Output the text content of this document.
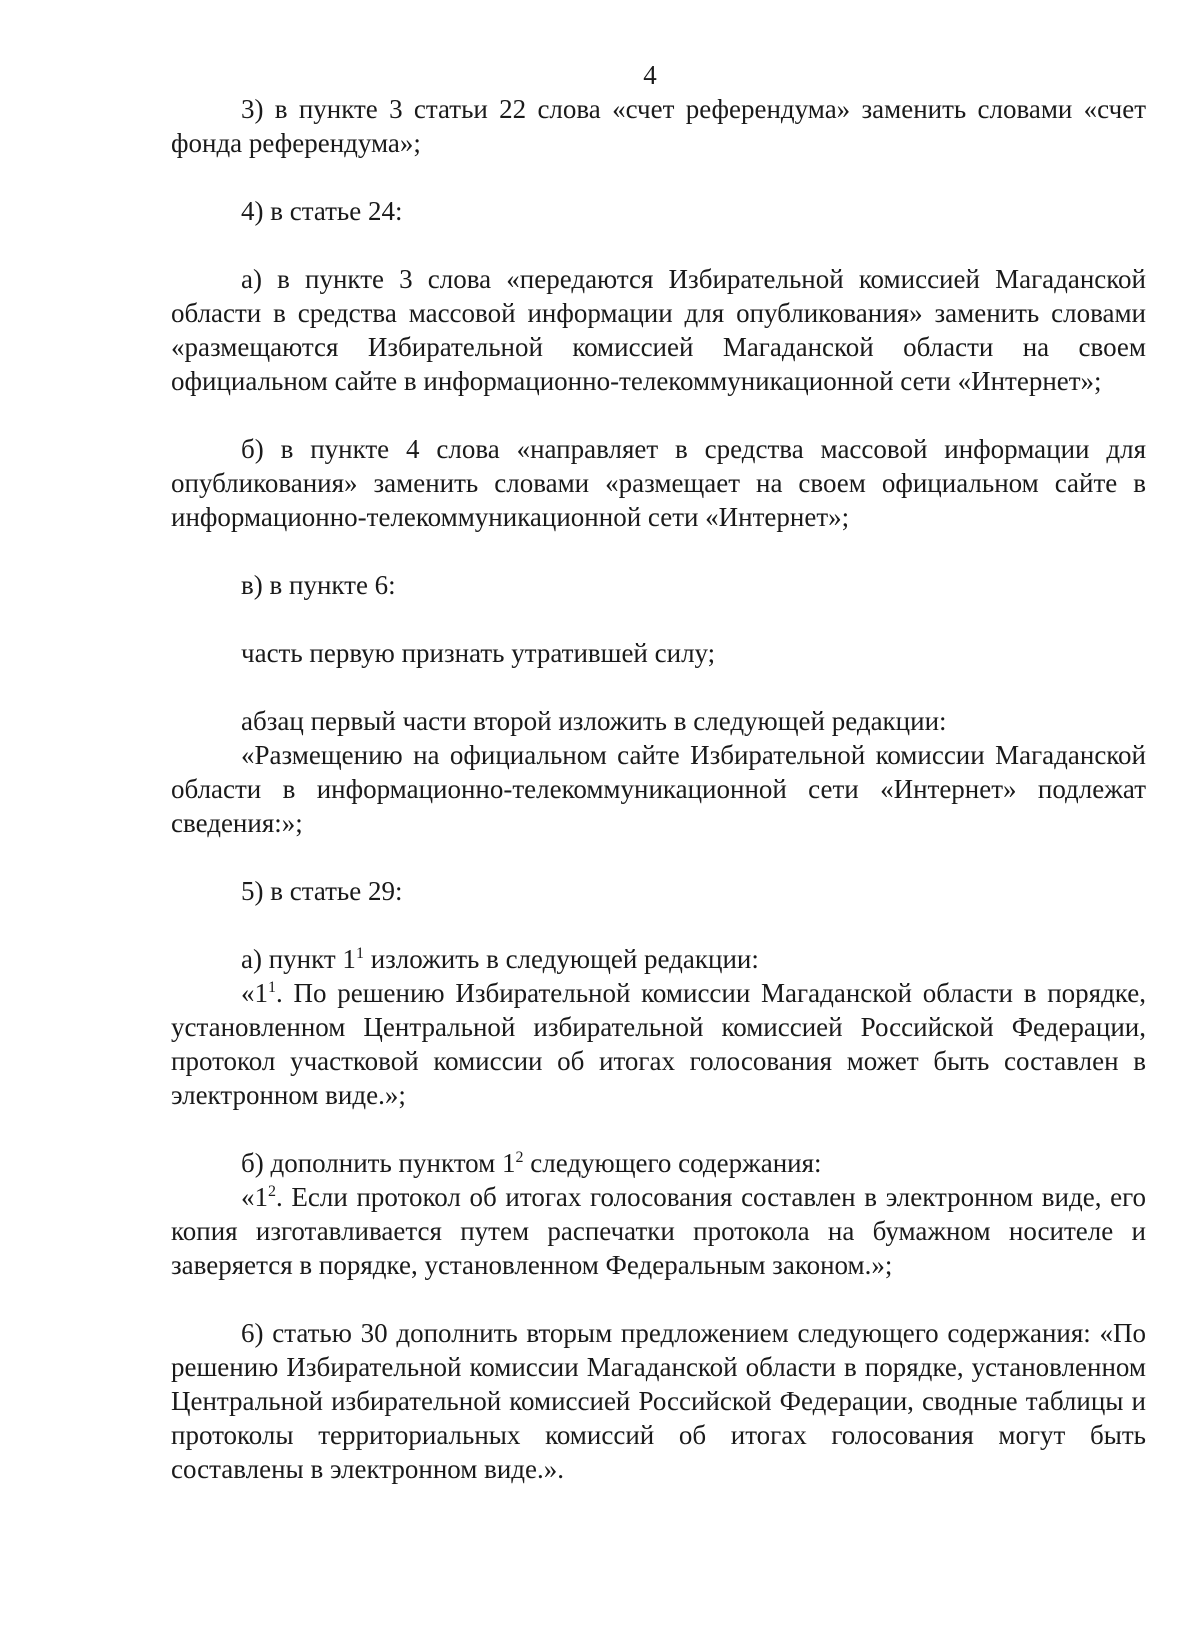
4

3) в пункте 3 статьи 22 слова «счет референдума» заменить словами «счет фонда референдума»;

4) в статье 24:

а) в пункте 3 слова «передаются Избирательной комиссией Магаданской области в средства массовой информации для опубликования» заменить словами «размещаются Избирательной комиссией Магаданской области на своем официальном сайте в информационно-телекоммуникационной сети «Интернет»;

б) в пункте 4 слова «направляет в средства массовой информации для опубликования» заменить словами «размещает на своем официальном сайте в информационно-телекоммуникационной сети «Интернет»;

в) в пункте 6:

часть первую признать утратившей силу;

абзац первый части второй изложить в следующей редакции:

«Размещению на официальном сайте Избирательной комиссии Магаданской области в информационно-телекоммуникационной сети «Интернет» подлежат сведения:»;

5) в статье 29:

а) пункт $1^1$ изложить в следующей редакции:

«$1^1$. По решению Избирательной комиссии Магаданской области в порядке, установленном Центральной избирательной комиссией Российской Федерации, протокол участковой комиссии об итогах голосования может быть составлен в электронном виде.»;

б) дополнить пунктом $1^2$ следующего содержания:

«$1^2$. Если протокол об итогах голосования составлен в электронном виде, его копия изготавливается путем распечатки протокола на бумажном носителе и заверяется в порядке, установленном Федеральным законом.»;

6) статью 30 дополнить вторым предложением следующего содержания: «По решению Избирательной комиссии Магаданской области в порядке, установленном Центральной избирательной комиссией Российской Федерации, сводные таблицы и протоколы территориальных комиссий об итогах голосования могут быть составлены в электронном виде.».
